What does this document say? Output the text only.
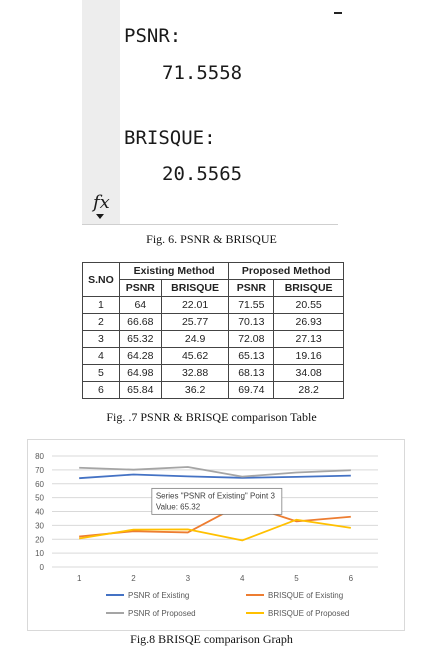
PSNR:
71.5558
BRISQUE:
20.5565
fx
Fig. 6. PSNR & BRISQUE
S.NO	Existing Method		Proposed Method	
	PSNR	BRISQUE	PSNR	BRISQUE
1	64	22.01	71.55	20.55
2	66.68	25.77	70.13	26.93
3	65.32	24.9	72.08	27.13
4	64.28	45.62	65.13	19.16
5	64.98	32.88	68.13	34.08
6	65.84	36.2	69.74	28.2
Fig. .7 PSNR & BRISQE comparison Table
0
10
20
30
40
50
60
70
80
1	2	3	4	5	6
Series "PSNR of Existing" Point 3
Value: 65.32
PSNR of Existing	BRISQUE of Existing
PSNR of Proposed	BRISQUE of Proposed
Fig.8 BRISQE comparison Graph
